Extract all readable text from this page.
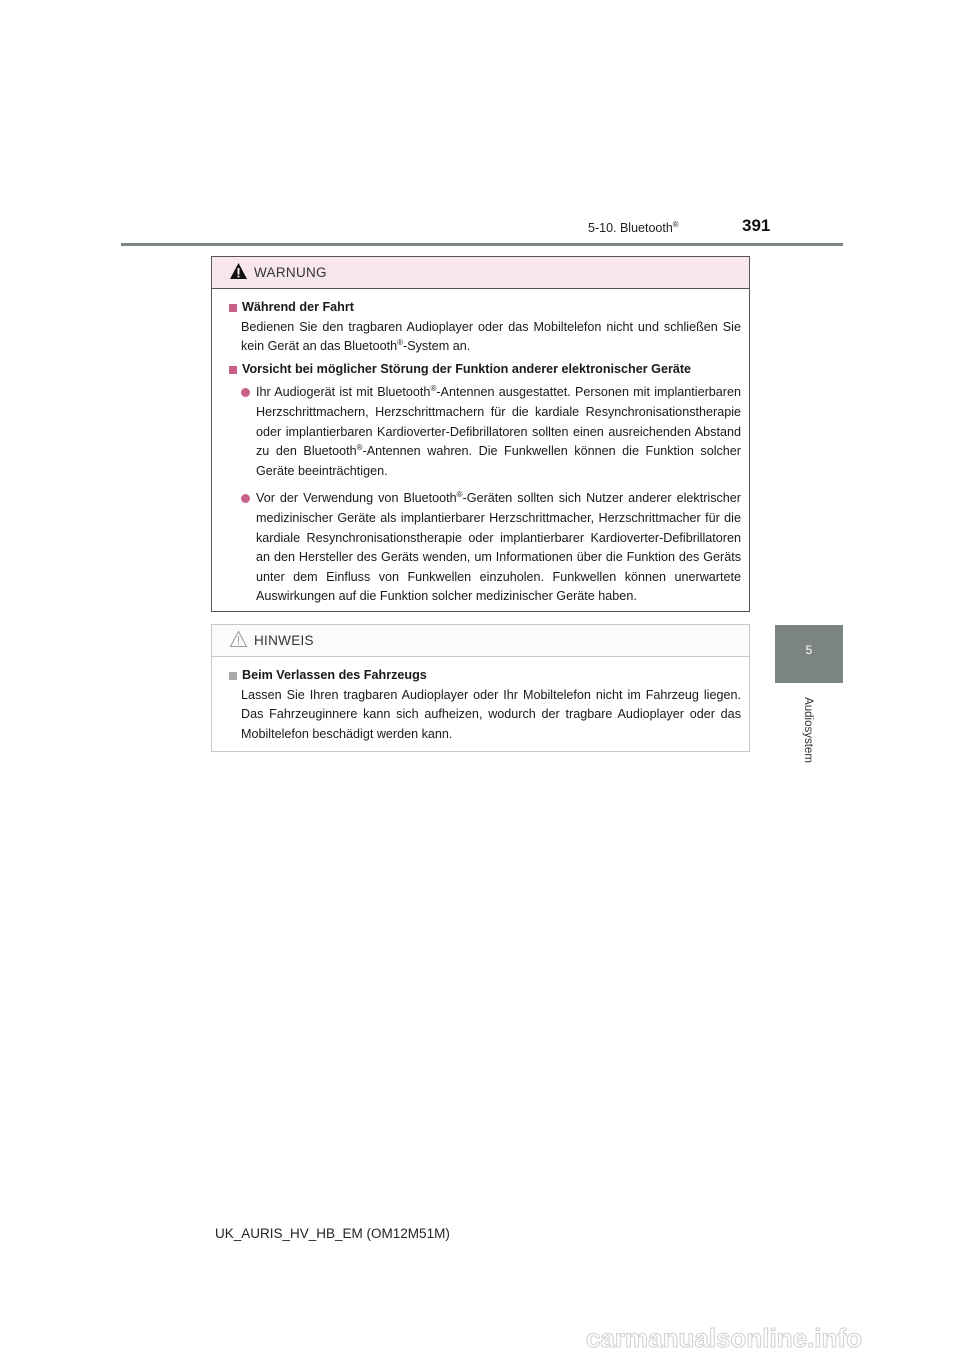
5-10. Bluetooth®	391
5
Audiosystem
WARNUNG
Während der Fahrt
Bedienen Sie den tragbaren Audioplayer oder das Mobiltelefon nicht und schließen Sie kein Gerät an das Bluetooth®-System an.
Vorsicht bei möglicher Störung der Funktion anderer elektronischer Geräte
Ihr Audiogerät ist mit Bluetooth®-Antennen ausgestattet. Personen mit implantierbaren Herzschrittmachern, Herzschrittmachern für die kardiale Resynchronisationstherapie oder implantierbaren Kardioverter-Defibrillatoren sollten einen ausreichenden Abstand zu den Bluetooth®-Antennen wahren. Die Funkwellen können die Funktion solcher Geräte beeinträchtigen.
Vor der Verwendung von Bluetooth®-Geräten sollten sich Nutzer anderer elektrischer medizinischer Geräte als implantierbarer Herzschrittmacher, Herzschrittmacher für die kardiale Resynchronisationstherapie oder implantierbarer Kardioverter-Defibrillatoren an den Hersteller des Geräts wenden, um Informationen über die Funktion des Geräts unter dem Einfluss von Funkwellen einzuholen. Funkwellen können unerwartete Auswirkungen auf die Funktion solcher medizinischer Geräte haben.
HINWEIS
Beim Verlassen des Fahrzeugs
Lassen Sie Ihren tragbaren Audioplayer oder Ihr Mobiltelefon nicht im Fahrzeug liegen. Das Fahrzeuginnere kann sich aufheizen, wodurch der tragbare Audioplayer oder das Mobiltelefon beschädigt werden kann.
UK_AURIS_HV_HB_EM (OM12M51M)
carmanualsonline.info
